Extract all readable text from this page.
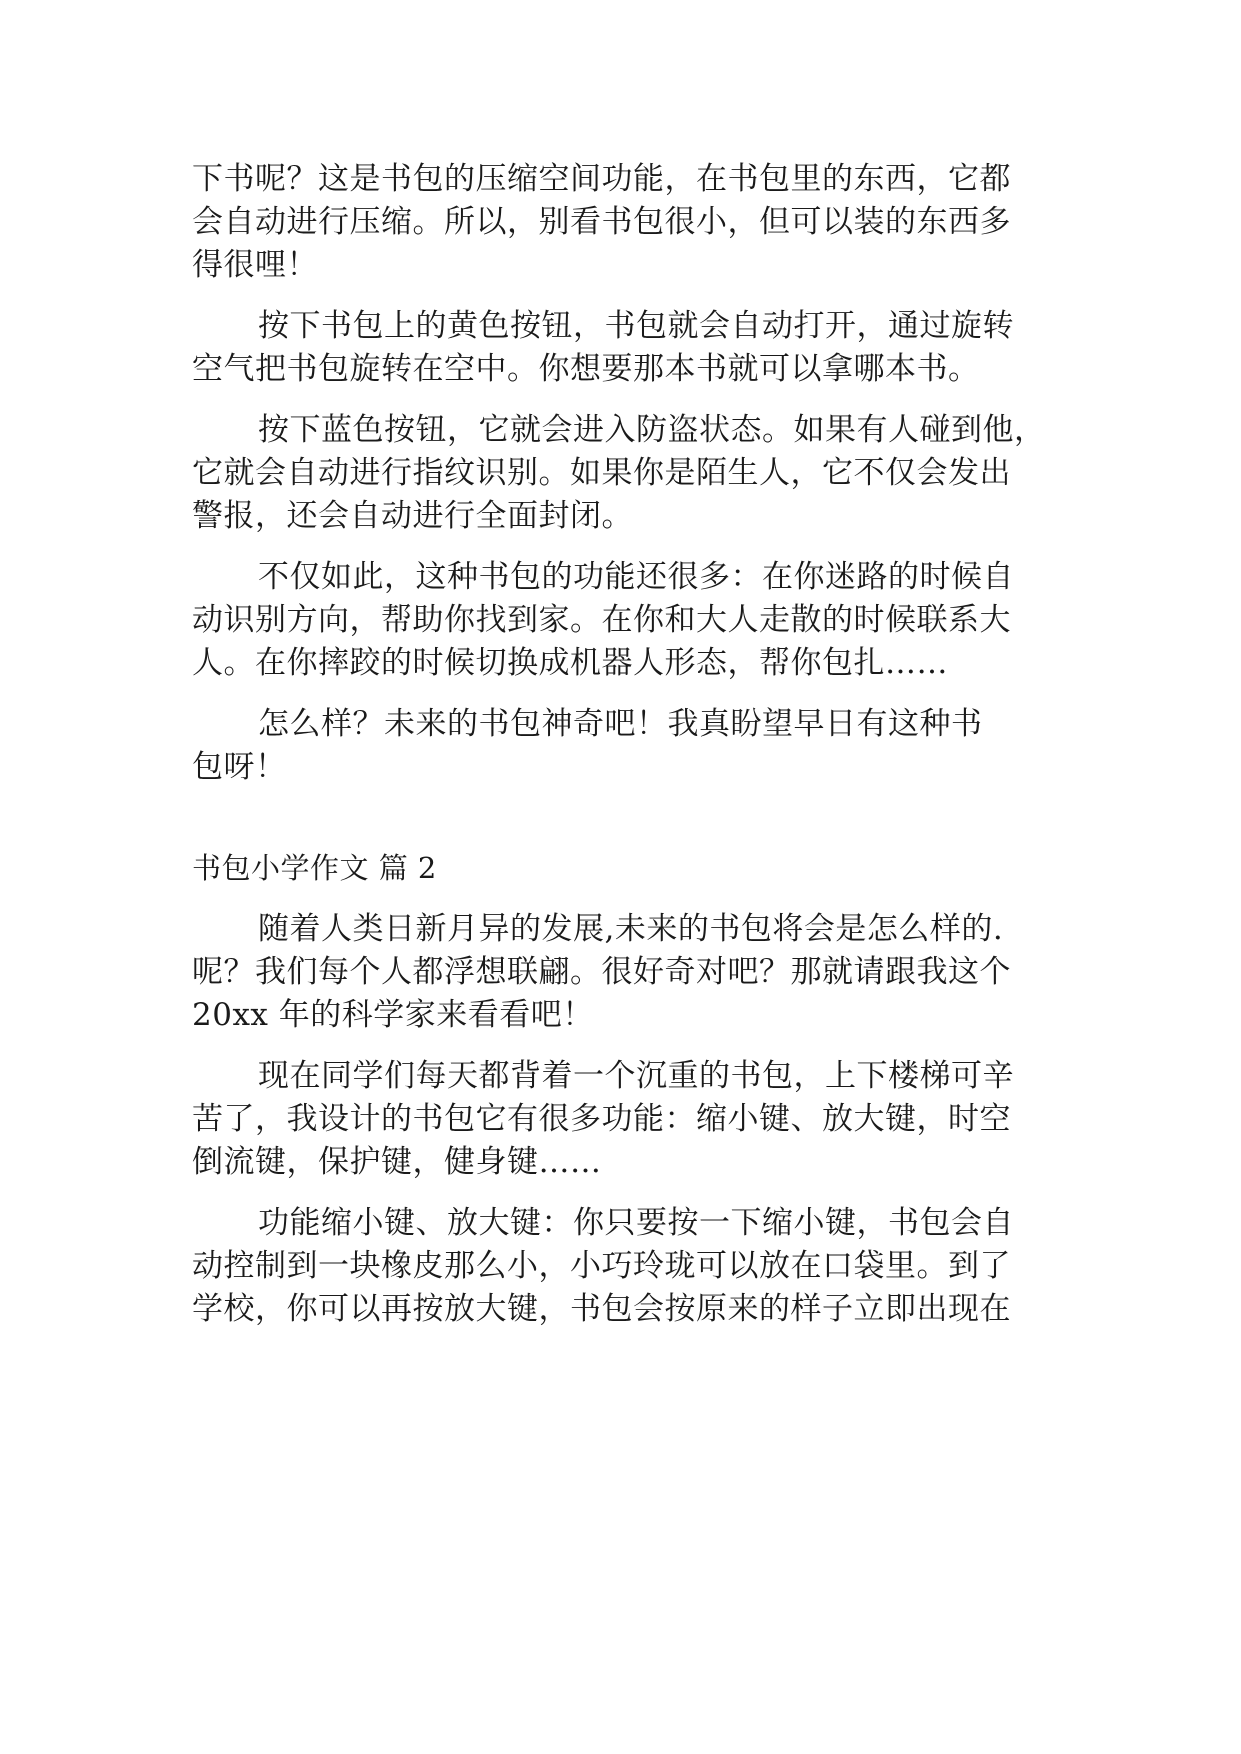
下书呢？这是书包的压缩空间功能，在书包里的东西，它都
会自动进行压缩。所以，别看书包很小，但可以装的东西多
得很哩！
按下书包上的黄色按钮，书包就会自动打开，通过旋转
空气把书包旋转在空中。你想要那本书就可以拿哪本书。
按下蓝色按钮，它就会进入防盗状态。如果有人碰到他，
它就会自动进行指纹识别。如果你是陌生人，它不仅会发出
警报，还会自动进行全面封闭。
不仅如此，这种书包的功能还很多：在你迷路的时候自
动识别方向，帮助你找到家。在你和大人走散的时候联系大
人。在你摔跤的时候切换成机器人形态，帮你包扎……
怎么样？未来的书包神奇吧！我真盼望早日有这种书
包呀！
书包小学作文 篇 2
随着人类日新月异的发展,未来的书包将会是怎么样的.
呢？我们每个人都浮想联翩。很好奇对吧？那就请跟我这个
20xx 年的科学家来看看吧！
现在同学们每天都背着一个沉重的书包，上下楼梯可辛
苦了，我设计的书包它有很多功能：缩小键、放大键，时空
倒流键，保护键，健身键……
功能缩小键、放大键：你只要按一下缩小键，书包会自
动控制到一块橡皮那么小，小巧玲珑可以放在口袋里。到了
学校，你可以再按放大键，书包会按原来的样子立即出现在
